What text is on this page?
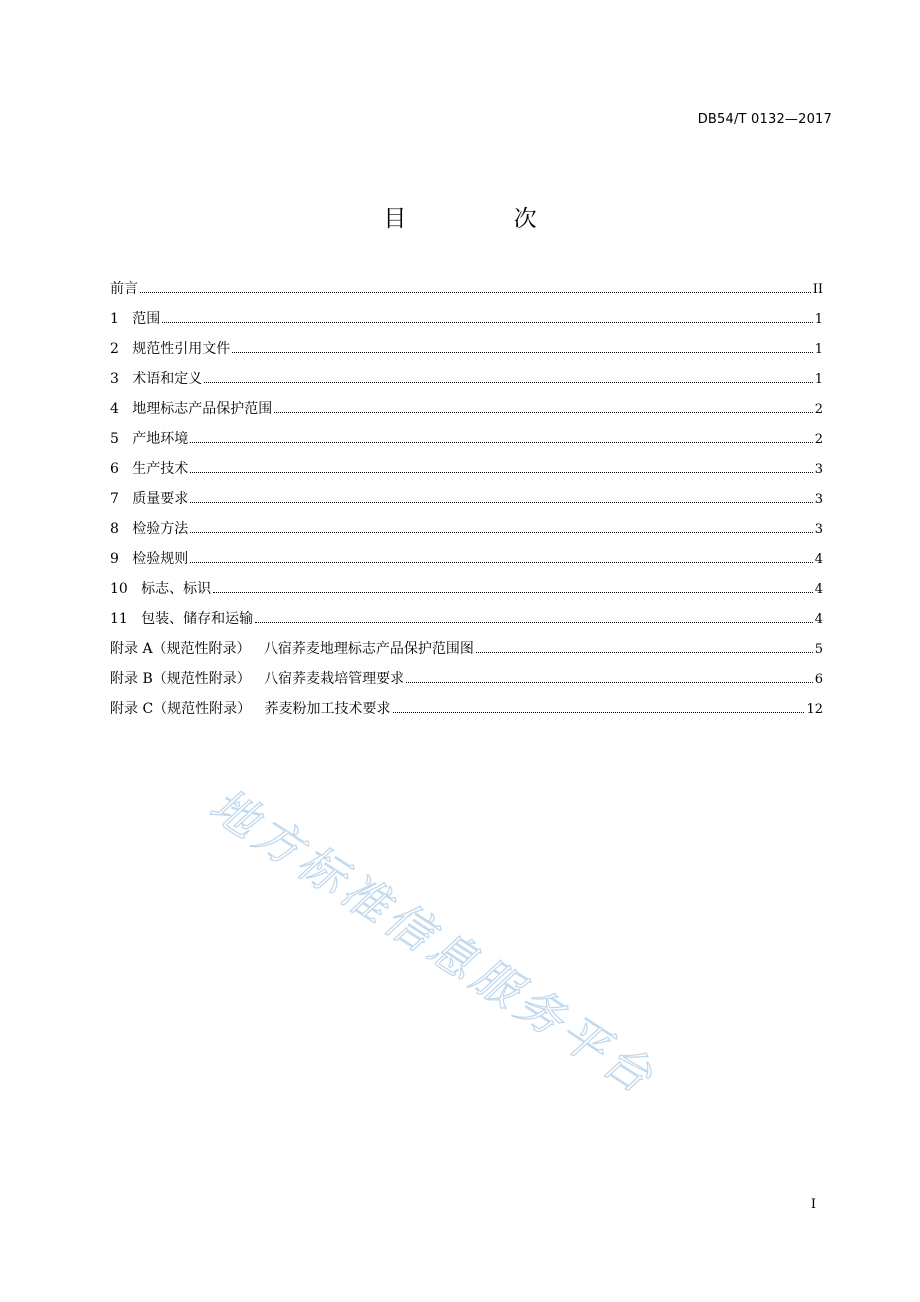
DB54/T 0132—2017
目 次
前言	II
1   范围	1
2   规范性引用文件	1
3   术语和定义	1
4   地理标志产品保护范围	2
5   产地环境	2
6   生产技术	3
7   质量要求	3
8   检验方法	3
9   检验规则	4
10   标志、标识	4
11   包装、储存和运输	4
附录 A（规范性附录）   八宿荞麦地理标志产品保护范围图	5
附录 B（规范性附录）   八宿荞麦栽培管理要求	6
附录 C（规范性附录）   荞麦粉加工技术要求	12
地方标准信息服务平台
I
